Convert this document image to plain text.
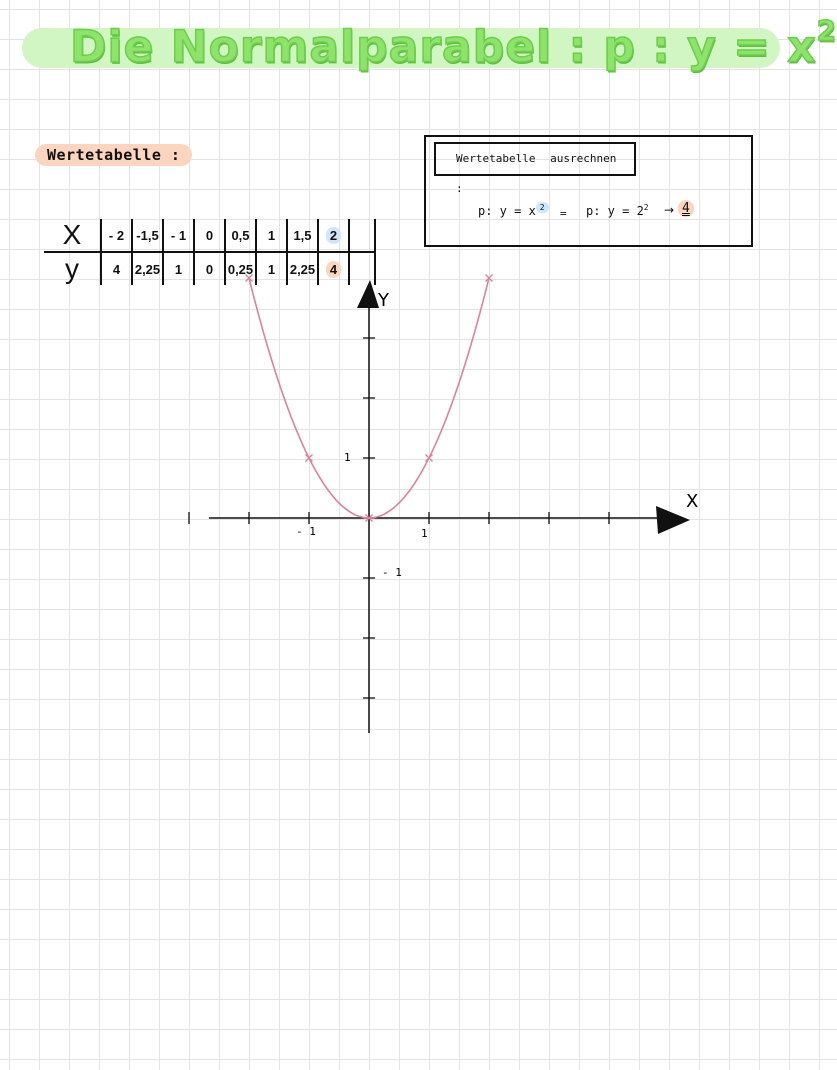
Die Normalparabel : p : $y = x^2$
Wertetabelle :
X	- 2	-1,5	- 1	0	0,5	1	1,5	2	
y	4	2,25	1	0	0,25	1	2,25	4	
Wertetabelle ausrechnen :
p: y = x $^2$	= p: $y = 2^2 \to 4$
X
Y
- 1	1
1
- 1
